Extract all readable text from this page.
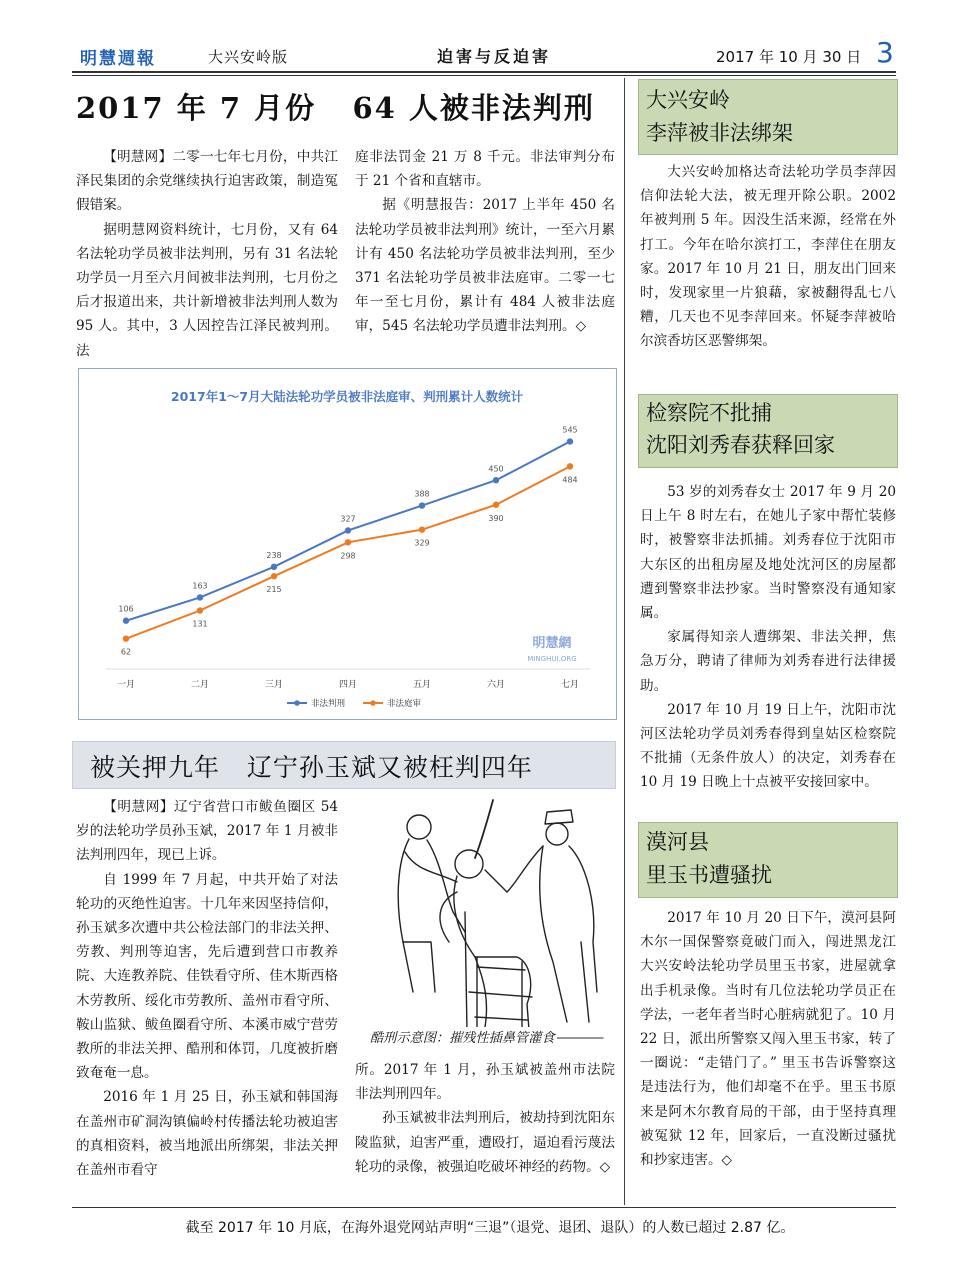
明慧週報	大兴安岭版	迫害与反迫害	2017 年 10 月 30 日 3
2017 年 7 月份   64 人被非法判刑

【明慧网】二零一七年七月份，中共江泽民集团的余党继续执行迫害政策，制造冤假错案。

据明慧网资料统计，七月份，又有 64 名法轮功学员被非法判刑，另有 31 名法轮功学员一月至六月间被非法判刑，七月份之后才报道出来，共计新增被非法判刑人数为 95 人。其中，3 人因控告江泽民被判刑。法

庭非法罚金 21 万 8 千元。非法审判分布于 21 个省和直辖市。

据《明慧报告：2017 上半年 450 名法轮功学员被非法判刑》统计，一至六月累计有 450 名法轮功学员被非法判刑，至少 371 名法轮功学员被非法庭审。二零一七年一至七月份，累计有 484 人被非法庭审，545 名法轮功学员遭非法判刑。◇

2017年1～7月大陆法轮功学员被非法庭审、判刑累计人数统计
一月	二月	三月	四月	五月	六月	七月
106
163
238
327
388
450
545
62
131
215
298
329
390
484
非法判刑	非法庭审
明慧網
MINGHUI.ORG
被关押九年   辽宁孙玉斌又被枉判四年

【明慧网】辽宁省营口市鲅鱼圈区 54 岁的法轮功学员孙玉斌，2017 年 1 月被非法判刑四年，现已上诉。

自 1999 年 7 月起，中共开始了对法轮功的灭绝性迫害。十几年来因坚持信仰，孙玉斌多次遭中共公检法部门的非法关押、劳教、判刑等迫害，先后遭到营口市教养院、大连教养院、佳铁看守所、佳木斯西格木劳教所、绥化市劳教所、盖州市看守所、鞍山监狱、鲅鱼圈看守所、本溪市威宁营劳教所的非法关押、酷刑和体罚，几度被折磨致奄奄一息。

2016 年 1 月 25 日，孙玉斌和韩国海在盖州市矿洞沟镇偏岭村传播法轮功被迫害的真相资料，被当地派出所绑架，非法关押在盖州市看守

酷刑示意图：摧残性插鼻管灌食

所。2017 年 1 月，孙玉斌被盖州市法院非法判刑四年。

孙玉斌被非法判刑后，被劫持到沈阳东陵监狱，迫害严重，遭殴打，逼迫看污蔑法轮功的录像，被强迫吃破坏神经的药物。◇

大兴安岭
李萍被非法绑架

大兴安岭加格达奇法轮功学员李萍因信仰法轮大法，被无理开除公职。2002 年被判刑 5 年。因没生活来源，经常在外打工。今年在哈尔滨打工，李萍住在朋友家。2017 年 10 月 21 日，朋友出门回来时，发现家里一片狼藉，家被翻得乱七八糟，几天也不见李萍回来。怀疑李萍被哈尔滨香坊区恶警绑架。

检察院不批捕
沈阳刘秀春获释回家

53 岁的刘秀春女士 2017 年 9 月 20 日上午 8 时左右，在她儿子家中帮忙装修时，被警察非法抓捕。刘秀春位于沈阳市大东区的出租房屋及地处沈河区的房屋都遭到警察非法抄家。当时警察没有通知家属。

家属得知亲人遭绑架、非法关押，焦急万分，聘请了律师为刘秀春进行法律援助。

2017 年 10 月 19 日上午，沈阳市沈河区法轮功学员刘秀春得到皇姑区检察院不批捕（无条件放人）的决定，刘秀春在 10 月 19 日晚上十点被平安接回家中。

漠河县
里玉书遭骚扰

2017 年 10 月 20 日下午，漠河县阿木尔一国保警察竟破门而入，闯进黑龙江大兴安岭法轮功学员里玉书家，进屋就拿出手机录像。当时有几位法轮功学员正在学法，一老年者当时心脏病就犯了。10 月 22 日，派出所警察又闯入里玉书家，转了一圈说：“走错门了。” 里玉书告诉警察这是违法行为，他们却毫不在乎。里玉书原来是阿木尔教育局的干部，由于坚持真理被冤狱 12 年，回家后，一直没断过骚扰和抄家违害。◇

截至 2017 年 10 月底，在海外退党网站声明“三退”（退党、退团、退队）的人数已超过 2.87 亿。
